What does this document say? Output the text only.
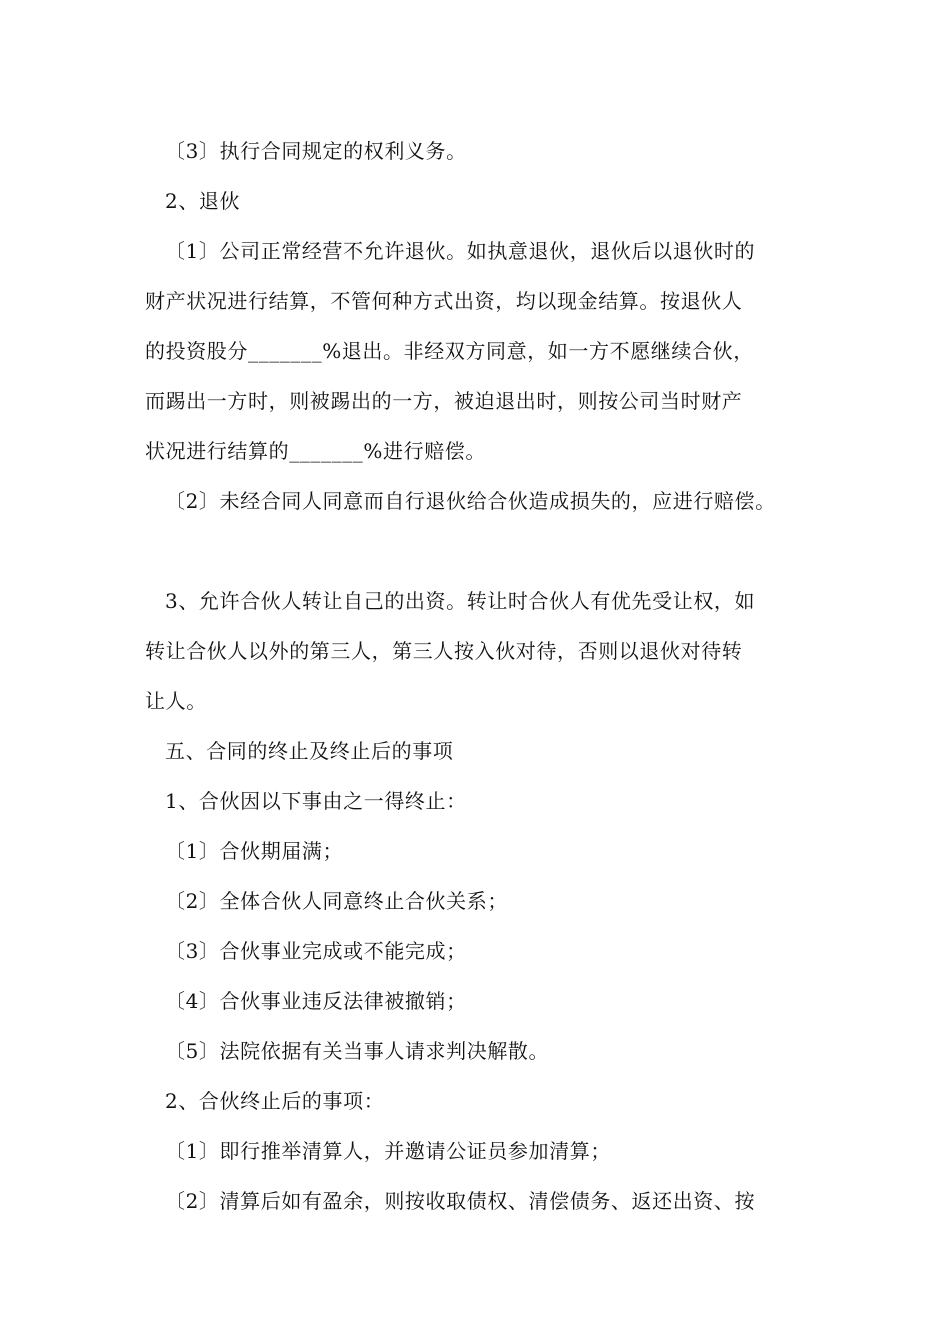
〔3〕执行合同规定的权利义务。
2、退伙
〔1〕公司正常经营不允许退伙。如执意退伙，退伙后以退伙时的
财产状况进行结算，不管何种方式出资，均以现金结算。按退伙人
的投资股分_______%退出。非经双方同意，如一方不愿继续合伙，
而踢出一方时，则被踢出的一方，被迫退出时，则按公司当时财产
状况进行结算的_______%进行赔偿。
〔2〕未经合同人同意而自行退伙给合伙造成损失的，应进行赔偿。
3、允许合伙人转让自己的出资。转让时合伙人有优先受让权，如
转让合伙人以外的第三人，第三人按入伙对待，否则以退伙对待转
让人。
五、合同的终止及终止后的事项
1、合伙因以下事由之一得终止：
〔1〕合伙期届满；
〔2〕全体合伙人同意终止合伙关系；
〔3〕合伙事业完成或不能完成；
〔4〕合伙事业违反法律被撤销；
〔5〕法院依据有关当事人请求判决解散。
2、合伙终止后的事项：
〔1〕即行推举清算人，并邀请公证员参加清算；
〔2〕清算后如有盈余，则按收取债权、清偿债务、返还出资、按
